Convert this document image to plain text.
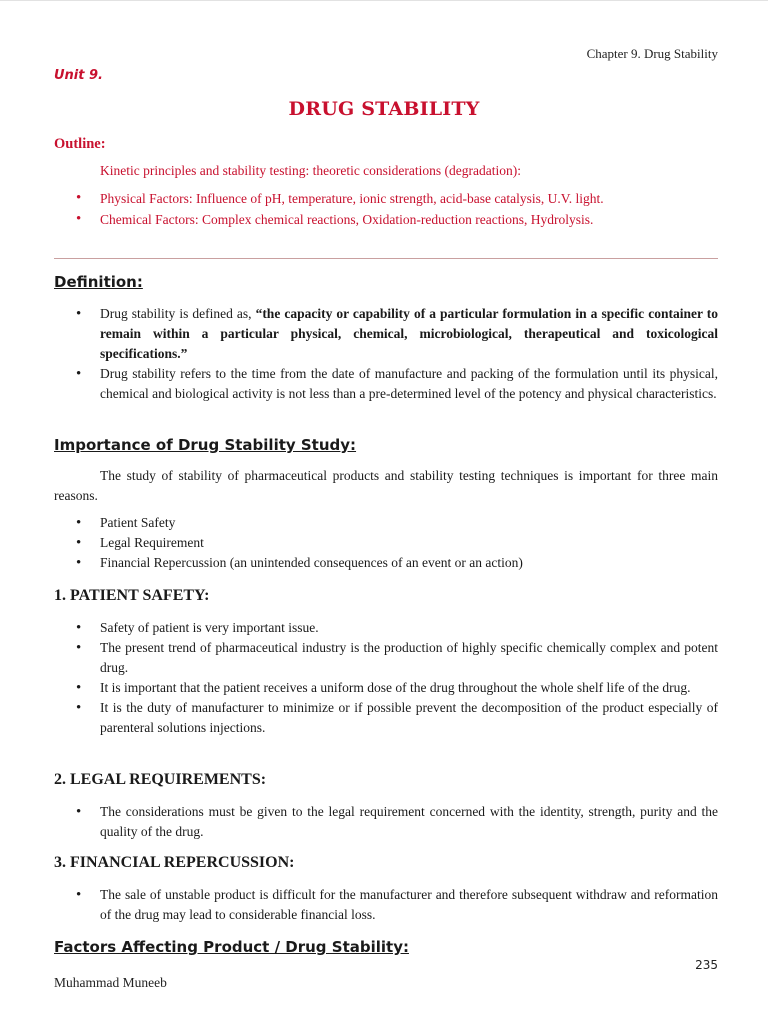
Chapter 9. Drug Stability
Unit 9.
DRUG STABILITY
Outline:
Kinetic principles and stability testing: theoretic considerations (degradation):
• Physical Factors: Influence of pH, temperature, ionic strength, acid-base catalysis, U.V. light.
• Chemical Factors: Complex chemical reactions, Oxidation-reduction reactions, Hydrolysis.
Definition:
• Drug stability is defined as, “the capacity or capability of a particular formulation in a specific container to remain within a particular physical, chemical, microbiological, therapeutical and toxicological specifications.”
• Drug stability refers to the time from the date of manufacture and packing of the formulation until its physical, chemical and biological activity is not less than a pre-determined level of the potency and physical characteristics.
Importance of Drug Stability Study:
The study of stability of pharmaceutical products and stability testing techniques is important for three main reasons.
• Patient Safety
• Legal Requirement
• Financial Repercussion (an unintended consequences of an event or an action)
1. PATIENT SAFETY:
• Safety of patient is very important issue.
• The present trend of pharmaceutical industry is the production of highly specific chemically complex and potent drug.
• It is important that the patient receives a uniform dose of the drug throughout the whole shelf life of the drug.
• It is the duty of manufacturer to minimize or if possible prevent the decomposition of the product especially of parenteral solutions injections.
2. LEGAL REQUIREMENTS:
• The considerations must be given to the legal requirement concerned with the identity, strength, purity and the quality of the drug.
3. FINANCIAL REPERCUSSION:
• The sale of unstable product is difficult for the manufacturer and therefore subsequent withdraw and reformation of the drug may lead to considerable financial loss.
Factors Affecting Product / Drug Stability:
235
Muhammad Muneeb
